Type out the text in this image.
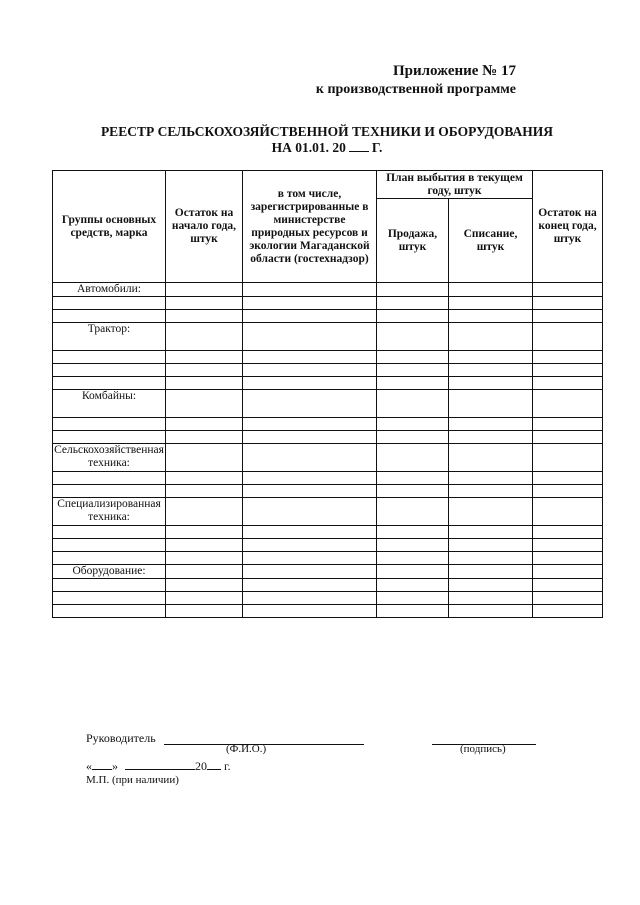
Приложение № 17
к производственной программе
РЕЕСТР СЕЛЬСКОХОЗЯЙСТВЕННОЙ ТЕХНИКИ И ОБОРУДОВАНИЯ
НА 01.01. 20 Г.
Группы основных средств, марка	Остаток на начало года, штук	в том числе, зарегистрированные в министерстве природных ресурсов и экологии Магаданской области (гостехнадзор)	План выбытия в текущем году, штук		Остаток на конец года, штук
			Продажа, штук	Списание, штук	
Автомобили:					

Трактор:					

Комбайны:					

Сельскохозяйственная техника:					

Специализированная техника:					

Оборудование:					

Руководитель
(Ф.И.О.)	(подпись)
« »	20 г.
М.П. (при наличии)
